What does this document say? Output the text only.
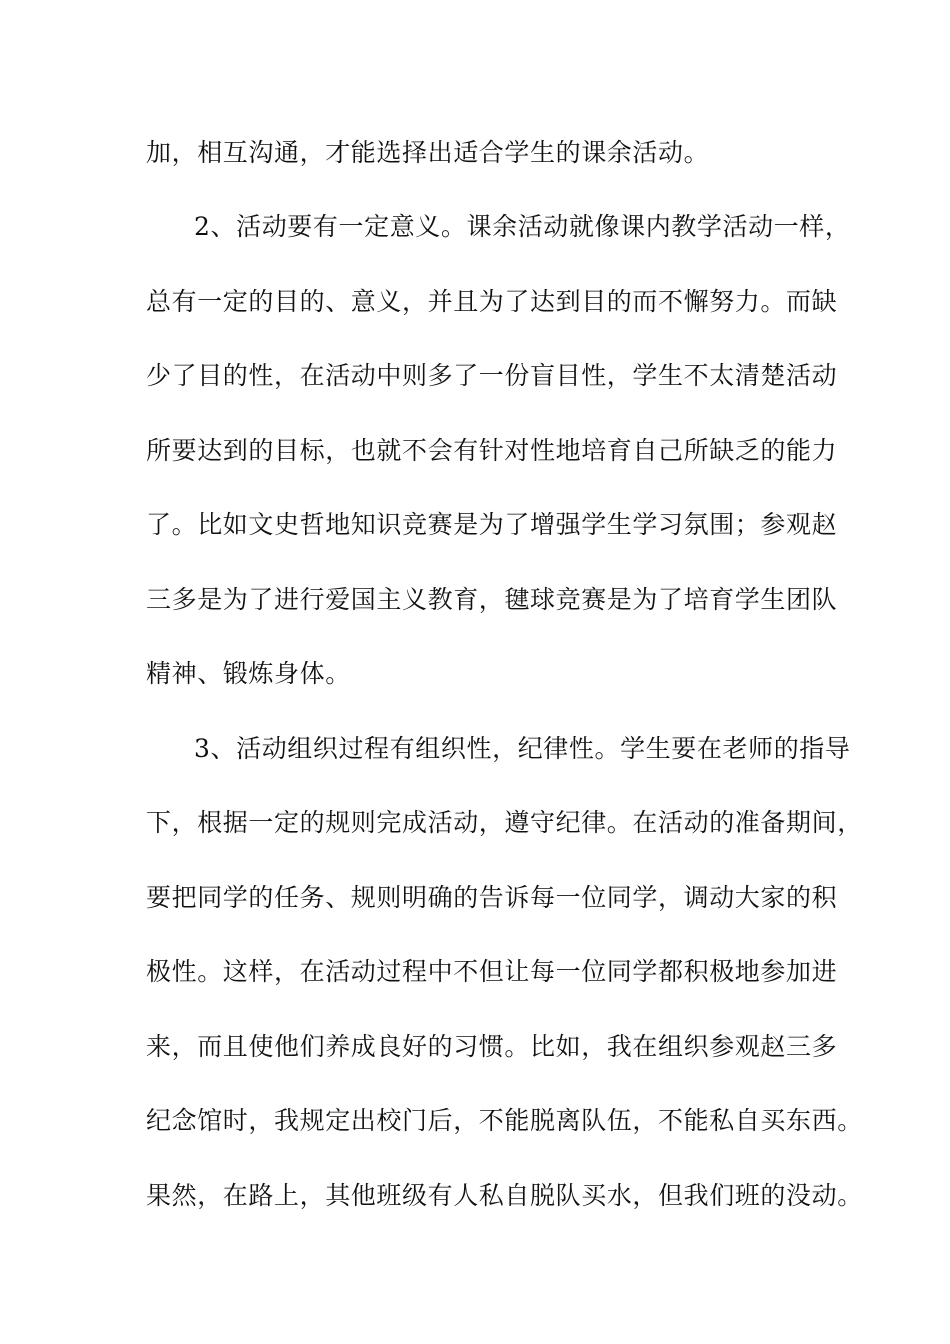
加，相互沟通，才能选择出适合学生的课余活动。
2、活动要有一定意义。课余活动就像课内教学活动一样，
总有一定的目的、意义，并且为了达到目的而不懈努力。而缺
少了目的性，在活动中则多了一份盲目性，学生不太清楚活动
所要达到的目标，也就不会有针对性地培育自己所缺乏的能力
了。比如文史哲地知识竞赛是为了增强学生学习氛围；参观赵
三多是为了进行爱国主义教育，毽球竞赛是为了培育学生团队
精神、锻炼身体。
3、活动组织过程有组织性，纪律性。学生要在老师的指导
下，根据一定的规则完成活动，遵守纪律。在活动的准备期间，
要把同学的任务、规则明确的告诉每一位同学，调动大家的积
极性。这样，在活动过程中不但让每一位同学都积极地参加进
来，而且使他们养成良好的习惯。比如，我在组织参观赵三多
纪念馆时，我规定出校门后，不能脱离队伍，不能私自买东西。
果然，在路上，其他班级有人私自脱队买水，但我们班的没动。
